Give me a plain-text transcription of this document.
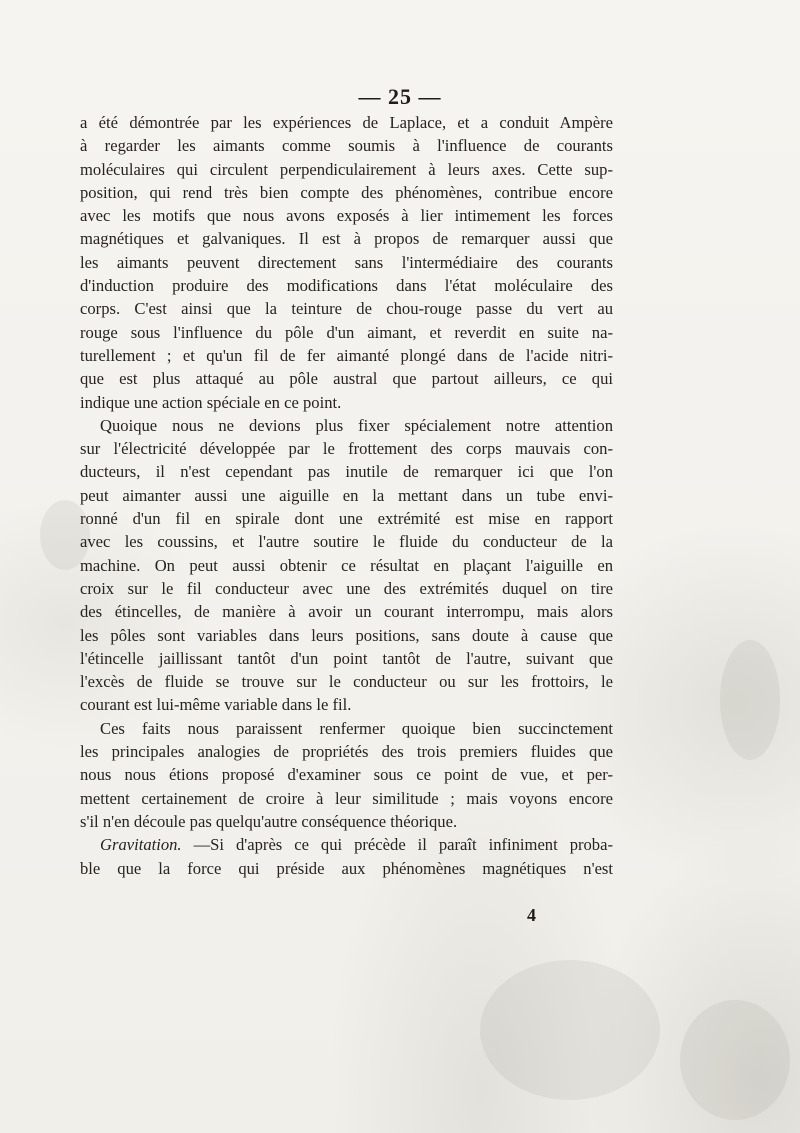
— 25 —
a été démontrée par les expériences de Laplace, et a conduit Ampère
à regarder les aimants comme soumis à l'influence de courants
moléculaires qui circulent perpendiculairement à leurs axes. Cette sup-
position, qui rend très bien compte des phénomènes, contribue encore
avec les motifs que nous avons exposés à lier intimement les forces
magnétiques et galvaniques. Il est à propos de remarquer aussi que
les aimants peuvent directement sans l'intermédiaire des courants
d'induction produire des modifications dans l'état moléculaire des
corps. C'est ainsi que la teinture de chou-rouge passe du vert au
rouge sous l'influence du pôle d'un aimant, et reverdit en suite na-
turellement ; et qu'un fil de fer aimanté plongé dans de l'acide nitri-
que est plus attaqué au pôle austral que partout ailleurs, ce qui
indique une action spéciale en ce point.
Quoique nous ne devions plus fixer spécialement notre attention
sur l'électricité développée par le frottement des corps mauvais con-
ducteurs, il n'est cependant pas inutile de remarquer ici que l'on
peut aimanter aussi une aiguille en la mettant dans un tube envi-
ronné d'un fil en spirale dont une extrémité est mise en rapport
avec les coussins, et l'autre soutire le fluide du conducteur de la
machine. On peut aussi obtenir ce résultat en plaçant l'aiguille en
croix sur le fil conducteur avec une des extrémités duquel on tire
des étincelles, de manière à avoir un courant interrompu, mais alors
les pôles sont variables dans leurs positions, sans doute à cause que
l'étincelle jaillissant tantôt d'un point tantôt de l'autre, suivant que
l'excès de fluide se trouve sur le conducteur ou sur les frottoirs, le
courant est lui-même variable dans le fil.
Ces faits nous paraissent renfermer quoique bien succinctement
les principales analogies de propriétés des trois premiers fluides que
nous nous étions proposé d'examiner sous ce point de vue, et per-
mettent certainement de croire à leur similitude ; mais voyons encore
s'il n'en découle pas quelqu'autre conséquence théorique.
Gravitation. —Si d'après ce qui précède il paraît infiniment proba-
ble que la force qui préside aux phénomènes magnétiques n'est
4
